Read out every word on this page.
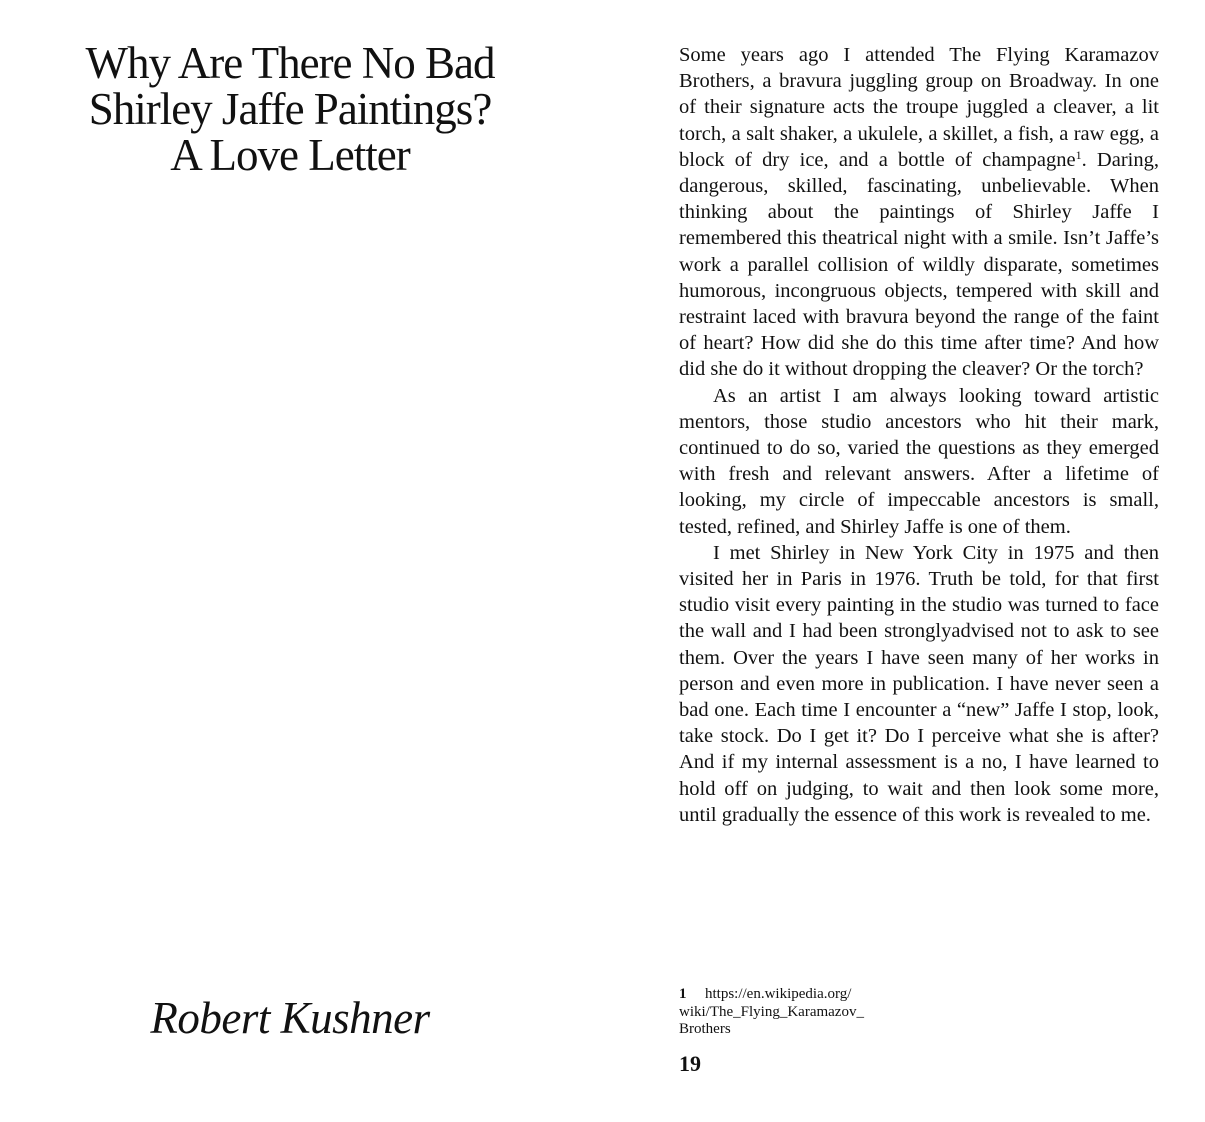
Why Are There No Bad
Shirley Jaffe Paintings?
A Love Letter
Robert Kushner

Some years ago I attended The Flying Karamazov Brothers, a bravura juggling group on Broadway. In one of their signature acts the troupe juggled a cleaver, a lit torch, a salt shaker, a ukulele, a skillet, a fish, a raw egg, a block of dry ice, and a bottle of champagne$^1$. Daring, dangerous, skilled, fascinating, unbelievable. When thinking about the paintings of Shirley Jaffe I remembered this theatrical night with a smile. Isn’t Jaffe’s work a parallel collision of wildly disparate, sometimes humorous, incongruous objects, tempered with skill and restraint laced with bravura beyond the range of the faint of heart? How did she do this time after time? And how did she do it without dropping the cleaver? Or the torch?

As an artist I am always looking toward artistic mentors, those studio ancestors who hit their mark, continued to do so, varied the questions as they emerged with fresh and relevant answers. After a lifetime of looking, my circle of impeccable ancestors is small, tested, refined, and Shirley Jaffe is one of them.

I met Shirley in New York City in 1975 and then visited her in Paris in 1976. Truth be told, for that first studio visit every painting in the studio was turned to face the wall and I had been stronglyadvised not to ask to see them. Over the years I have seen many of her works in person and even more in publication. I have never seen a bad one. Each time I encounter a “new” Jaffe I stop, look, take stock. Do I get it? Do I perceive what she is after? And if my internal assessment is a no, I have learned to hold off on judging, to wait and then look some more, until gradually the essence of this work is revealed to me.

1 https://en.wikipedia.org/
wiki/The_Flying_Karamazov_
Brothers
19
